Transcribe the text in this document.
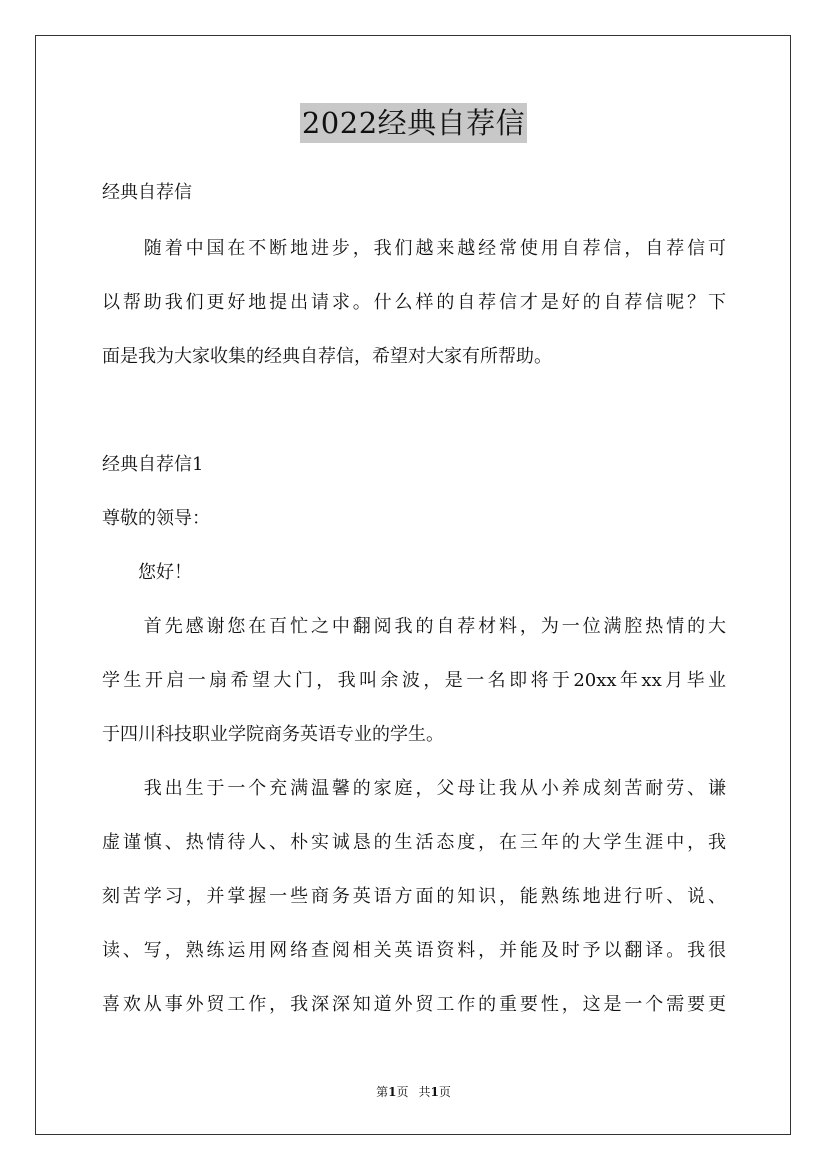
2022经典自荐信
经典自荐信
　　随着中国在不断地进步，我们越来越经常使用自荐信，自荐信可
以帮助我们更好地提出请求。什么样的自荐信才是好的自荐信呢？下
面是我为大家收集的经典自荐信，希望对大家有所帮助。
经典自荐信1
尊敬的领导：
　　您好！
　　首先感谢您在百忙之中翻阅我的自荐材料，为一位满腔热情的大
学生开启一扇希望大门，我叫余波，是一名即将于20xx年xx月毕业
于四川科技职业学院商务英语专业的学生。
　　我出生于一个充满温馨的家庭，父母让我从小养成刻苦耐劳、谦
虚谨慎、热情待人、朴实诚恳的生活态度，在三年的大学生涯中，我
刻苦学习，并掌握一些商务英语方面的知识，能熟练地进行听、说、
读、写，熟练运用网络查阅相关英语资料，并能及时予以翻译。我很
喜欢从事外贸工作，我深深知道外贸工作的重要性，这是一个需要更
第1页 共1页
